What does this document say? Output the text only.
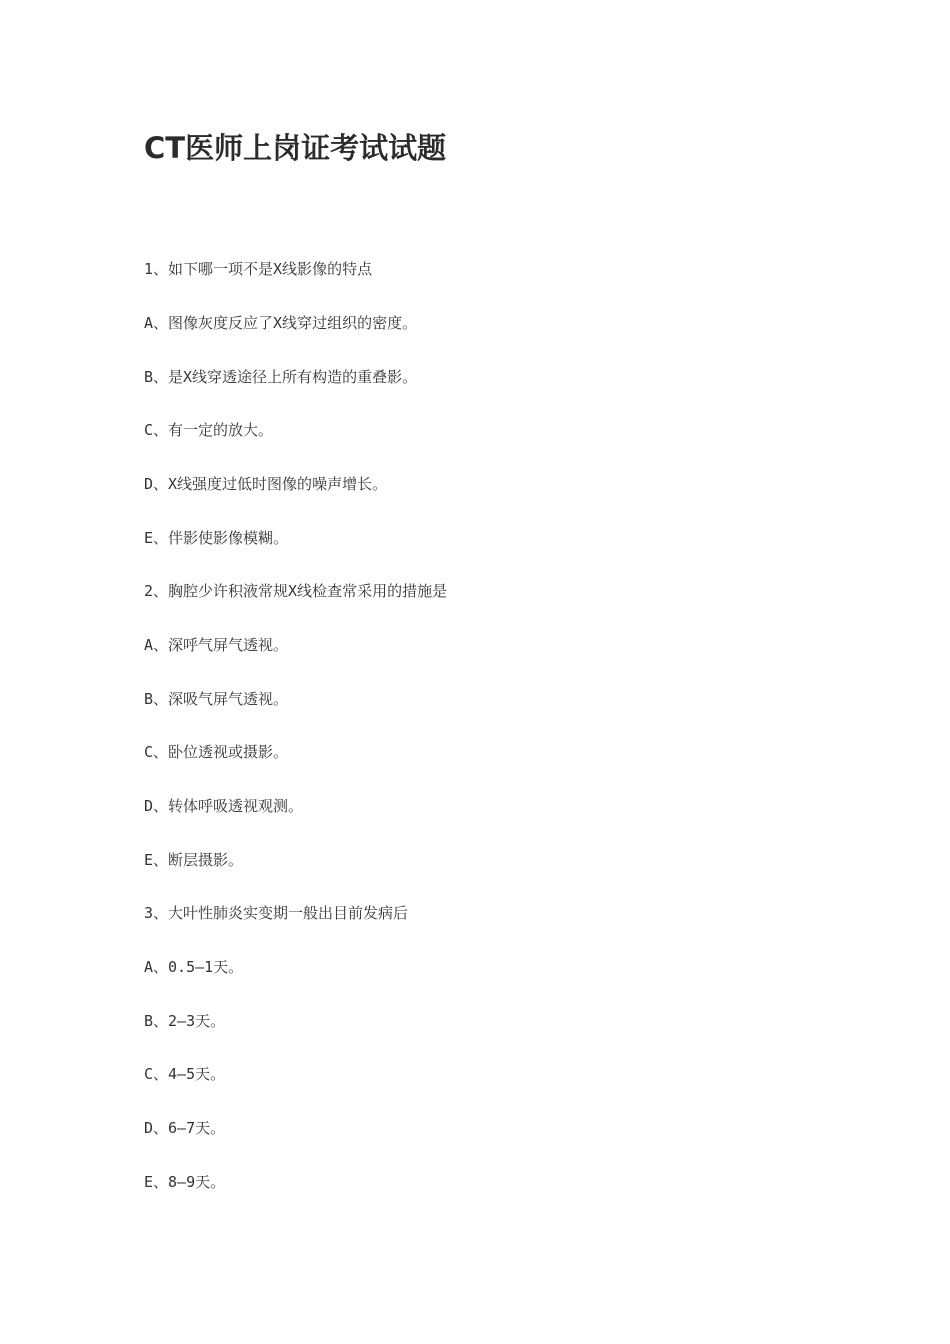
CT医师上岗证考试试题

1、如下哪一项不是X线影像的特点

A、图像灰度反应了X线穿过组织的密度。

B、是X线穿透途径上所有构造的重叠影。

C、有一定的放大。

D、X线强度过低时图像的噪声增长。

E、伴影使影像模糊。

2、胸腔少许积液常规X线检查常采用的措施是

A、深呼气屏气透视。

B、深吸气屏气透视。

C、卧位透视或摄影。

D、转体呼吸透视观测。

E、断层摄影。

3、大叶性肺炎实变期一般出目前发病后

A、0.5—1天。

B、2—3天。

C、4—5天。

D、6—7天。

E、8—9天。
